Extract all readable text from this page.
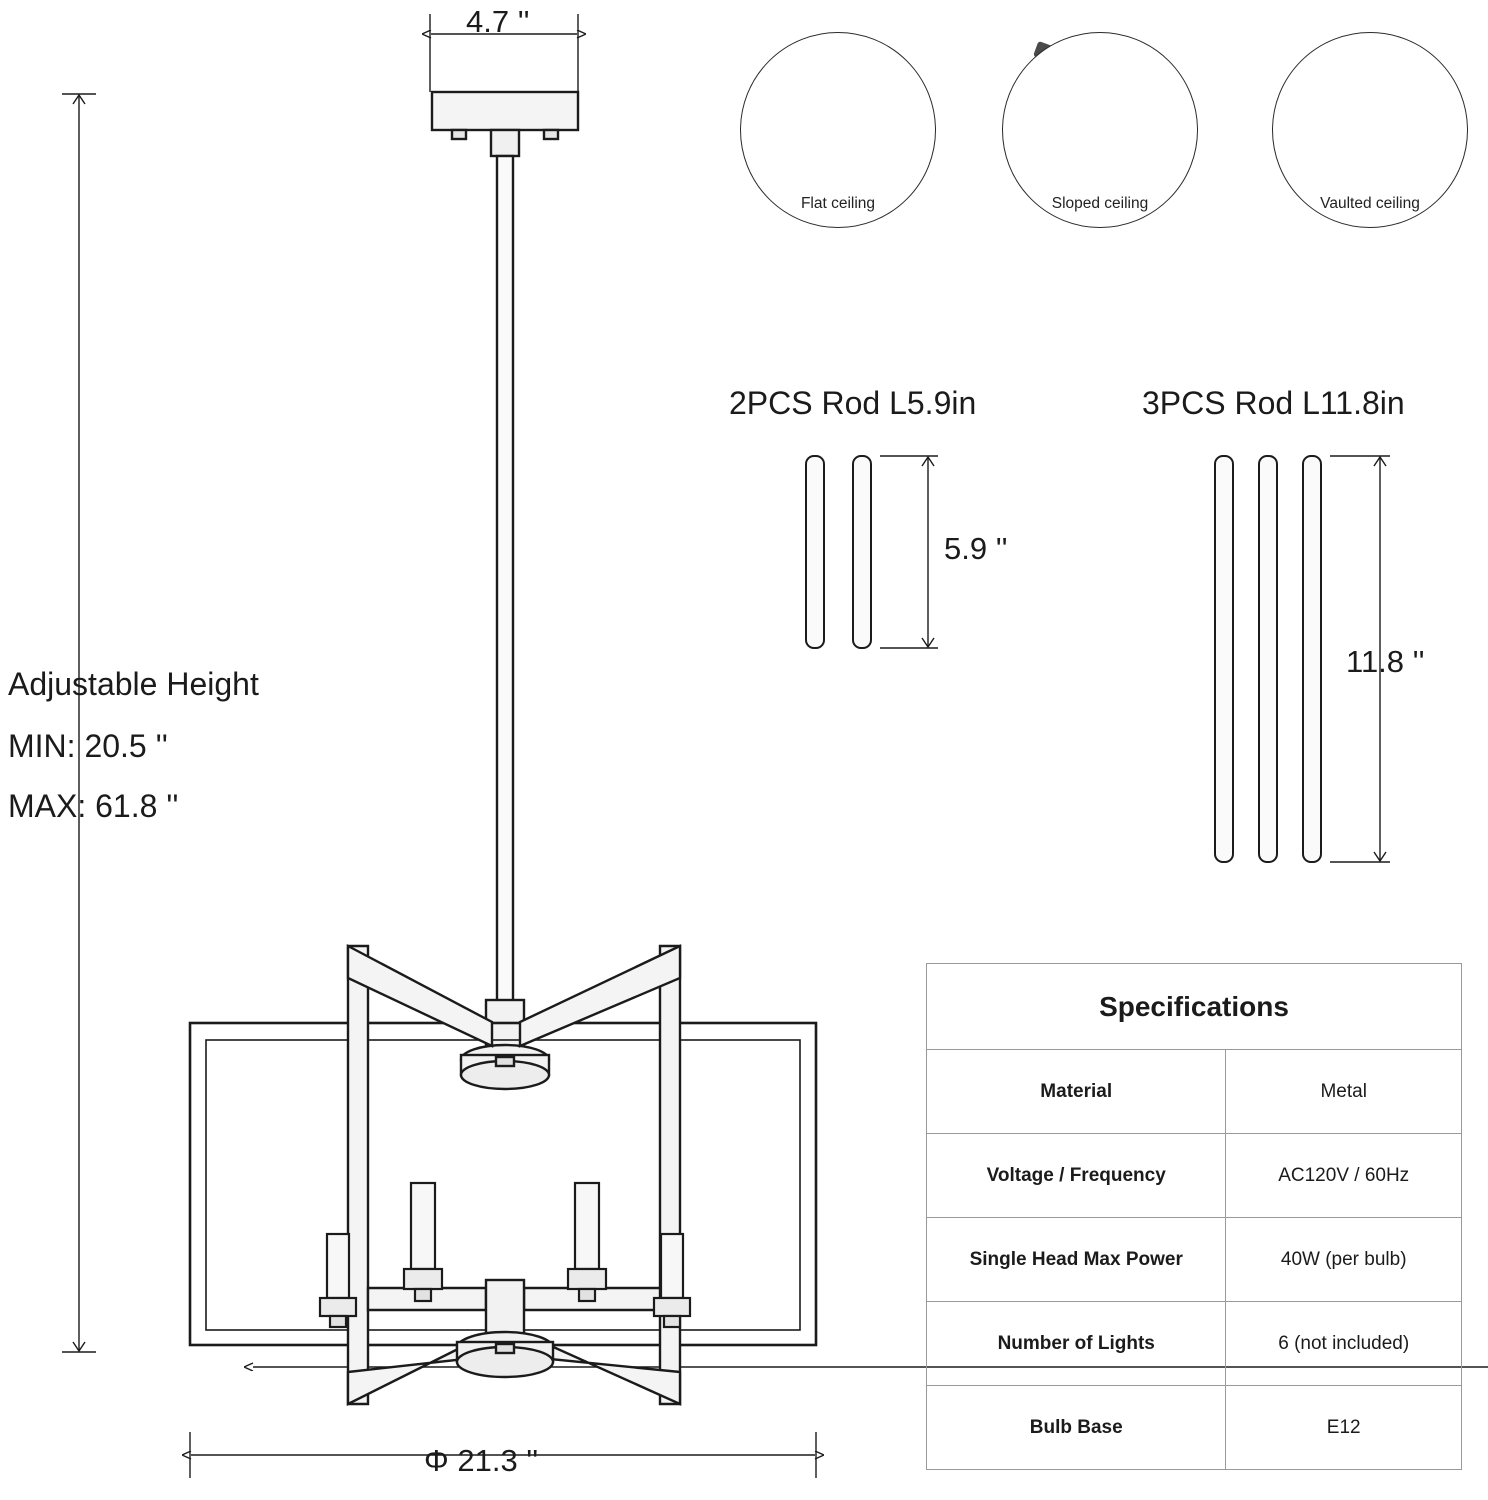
4.7 ''
Adjustable Height
MIN: 20.5 ''
MAX: 61.8 ''
Φ 21.3 ''
2PCS Rod L5.9in
5.9 ''
3PCS Rod L11.8in
11.8 ''
Flat ceiling	Sloped ceiling	Vaulted ceiling
Specifications	
Material	Metal
Voltage / Frequency	AC120V / 60Hz
Single Head Max Power	40W (per bulb)
Number of Lights	6 (not included)
Bulb Base	E12
